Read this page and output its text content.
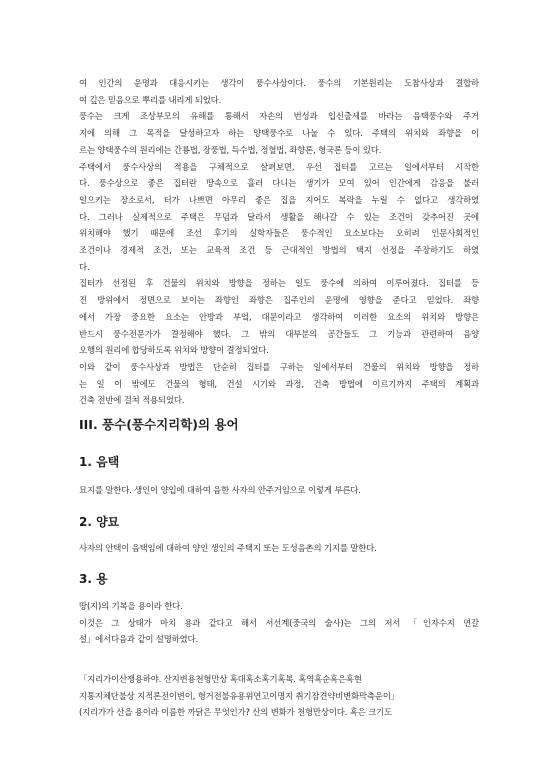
여 인간의 운명과 대응시키는 생각이 풍수사상이다. 풍수의 기본원리는 도참사상과 결합하

여 깊은 믿음으로 뿌리를 내리게 되었다.

풍수는 크게 조상부모의 유해를 통해서 자손의 번성과 입신출세를 바라는 음택풍수와 주거

지에 의해 그 목적을 달성하고자 하는 양택풍수로 나눌 수 있다. 주택의 위치와 좌향을 이

르는 양택풍수의 원리에는 간룡법, 장풍법, 득수법, 정혈법, 좌향론, 형국론 등이 있다.

주택에서 풍수사상의 적용을 구체적으로 살펴보면, 우선 집터를 고르는 일에서부터 시작한

다. 풍수상으로 좋은 집터란 땅속으로 흘러 다니는 생기가 모여 있어 인간에게 감응을 불러

일으키는 장소로서, 터가 나쁘면 아무리 좋은 집을 지어도 복락을 누릴 수 없다고 생각하였

다. 그러나 실제적으로 주택은 무덤과 달라서 생활을 해나갈 수 있는 조건이 갖추어진 곳에

위치해야 했기 때문에 조선 후기의 실학자들은 풍수적인 요소보다는 오히려 인문사회적인

조건이나 경제적 조건, 또는 교육적 조건 등 근대적인 방법의 택지 선정을 주장하기도 하였

다.

집터가 선정된 후 건물의 위치와 방향을 정하는 일도 풍수에 의하여 이루어졌다. 집터를 등

진 방위에서 정면으로 보이는 좌향인 좌향은 집주인의 운명에 영향을 준다고 믿었다. 좌향

에서 가장 중요한 요소는 안방과 부엌, 대문이라고 생각하여 이러한 요소의 위치와 방향은

반드시 풍수전문가가 결정해야 했다. 그 밖의 대부분의 공간들도 그 기능과 관련하여 음양

오행의 원리에 합당하도록 위치와 방향이 결정되었다.

이와 같이 풍수사상과 방법은 단순히 집터를 구하는 일에서부터 건물의 위치와 방향을 정하

는 일 이 밖에도 건물의 형태, 건설 시기와 과정, 건축 방법에 이르기까지 주택의 계획과

건축 전반에 걸쳐 적용되었다.

III. 풍수(풍수지리학)의 용어
1. 음택

묘지를 말한다. 생인이 양입에 대하여 음한 사자의 안주거임으로 이렇게 부른다.

2. 양묘

사자의 안택이 음택임에 대하여 양인 생인의 주택지 또는 도성음촌의 기지를 말한다.

3. 용

땅(지)의 기복을 용이라 한다.

이것은 그 상태가 마치 용과 같다고 해서 서선계(중국의 술사)는 그의 저서 「인자수지 연갈

설」에서다음과 같이 설명하였다.

「지리가이산쟁용하야. 산지변용천형만상 혹대혹소혹기혹복. 혹역혹순혹은혹현

지통지체단불상 지적론전이변이, 형거전불유용위연고이명지 취기잠견약비변화막측운이」

(지리가가 산을 용이라 이름한 까닭은 무엇인가? 산의 변화가 천형만상이다. 혹은 크기도
